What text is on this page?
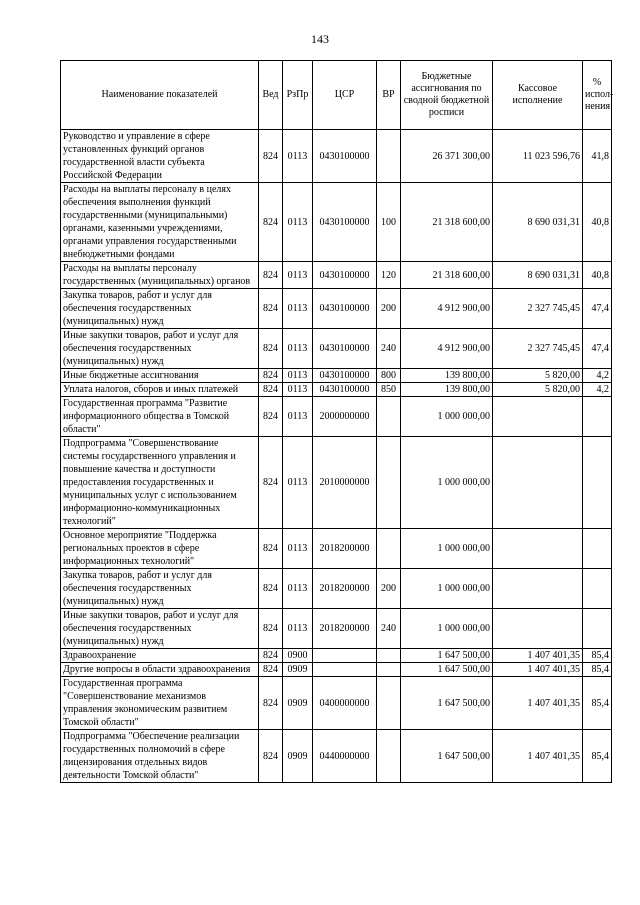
143
Наименование показателей	Вед	РзПр	ЦСР	ВР	Бюджетные ассигнования по сводной бюджетной росписи	Кассовое исполнение	% испол-нения
Руководство и управление в сфере установленных функций органов государственной власти субъекта Российской Федерации	824	0113	0430100000		26 371 300,00	11 023 596,76	41,8
Расходы на выплаты персоналу в целях обеспечения выполнения функций государственными (муниципальными) органами, казенными учреждениями, органами управления государственными внебюджетными фондами	824	0113	0430100000	100	21 318 600,00	8 690 031,31	40,8
Расходы на выплаты персоналу государственных (муниципальных) органов	824	0113	0430100000	120	21 318 600,00	8 690 031,31	40,8
Закупка товаров, работ и услуг для обеспечения государственных (муниципальных) нужд	824	0113	0430100000	200	4 912 900,00	2 327 745,45	47,4
Иные закупки товаров, работ и услуг для обеспечения государственных (муниципальных) нужд	824	0113	0430100000	240	4 912 900,00	2 327 745,45	47,4
Иные бюджетные ассигнования	824	0113	0430100000	800	139 800,00	5 820,00	4,2
Уплата налогов, сборов и иных платежей	824	0113	0430100000	850	139 800,00	5 820,00	4,2
Государственная программа "Развитие информационного общества в Томской области"	824	0113	2000000000		1 000 000,00		
Подпрограмма "Совершенствование системы государственного управления и повышение качества и доступности предоставления государственных и муниципальных услуг с использованием информационно-коммуникационных технологий"	824	0113	2010000000		1 000 000,00		
Основное мероприятие "Поддержка региональных проектов в сфере информационных технологий"	824	0113	2018200000		1 000 000,00		
Закупка товаров, работ и услуг для обеспечения государственных (муниципальных) нужд	824	0113	2018200000	200	1 000 000,00		
Иные закупки товаров, работ и услуг для обеспечения государственных (муниципальных) нужд	824	0113	2018200000	240	1 000 000,00		
Здравоохранение	824	0900			1 647 500,00	1 407 401,35	85,4
Другие вопросы в области здравоохранения	824	0909			1 647 500,00	1 407 401,35	85,4
Государственная программа "Совершенствование механизмов управления экономическим развитием Томской области"	824	0909	0400000000		1 647 500,00	1 407 401,35	85,4
Подпрограмма "Обеспечение реализации государственных полномочий в сфере лицензирования отдельных видов деятельности Томской области"	824	0909	0440000000		1 647 500,00	1 407 401,35	85,4
